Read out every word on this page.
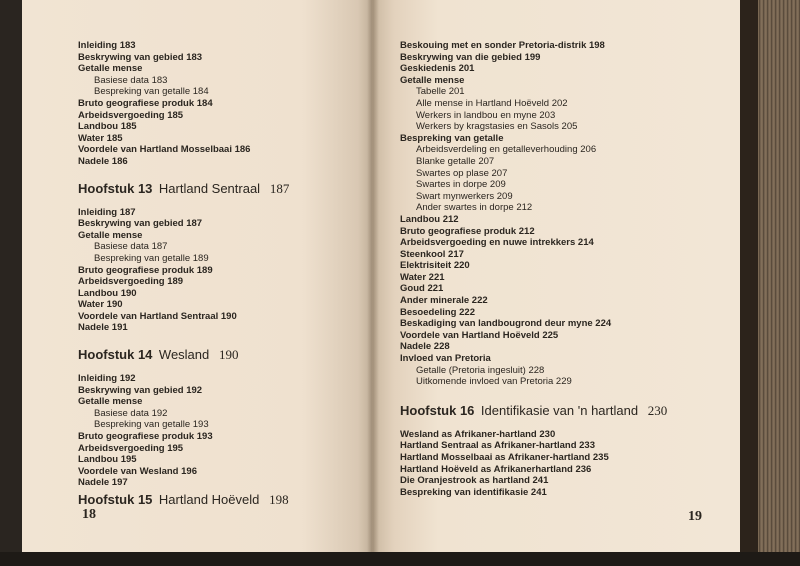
Inleiding 183
Beskrywing van gebied 183
Getalle mense
Basiese data 183
Bespreking van getalle 184
Bruto geografiese produk 184
Arbeidsvergoeding 185
Landbou 185
Water 185
Voordele van Hartland Mosselbaai 186
Nadele 186
Hoofstuk 13 Hartland Sentraal 187
Inleiding 187
Beskrywing van gebied 187
Getalle mense
Basiese data 187
Bespreking van getalle 189
Bruto geografiese produk 189
Arbeidsvergoeding 189
Landbou 190
Water 190
Voordele van Hartland Sentraal 190
Nadele 191
Hoofstuk 14 Wesland 190
Inleiding 192
Beskrywing van gebied 192
Getalle mense
Basiese data 192
Bespreking van getalle 193
Bruto geografiese produk 193
Arbeidsvergoeding 195
Landbou 195
Voordele van Wesland 196
Nadele 197
Hoofstuk 15 Hartland Hoëveld 198
18
Beskouing met en sonder Pretoria-distrik 198
Beskrywing van die gebied 199
Geskiedenis 201
Getalle mense
Tabelle 201
Alle mense in Hartland Hoëveld 202
Werkers in landbou en myne 203
Werkers by kragstasies en Sasols 205
Bespreking van getalle
Arbeidsverdeling en getalleverhouding 206
Blanke getalle 207
Swartes op plase 207
Swartes in dorpe 209
Swart mynwerkers 209
Ander swartes in dorpe 212
Landbou 212
Bruto geografiese produk 212
Arbeidsvergoeding en nuwe intrekkers 214
Steenkool 217
Elektrisiteit 220
Water 221
Goud 221
Ander minerale 222
Besoedeling 222
Beskadiging van landbougrond deur myne 224
Voordele van Hartland Hoëveld 225
Nadele 228
Invloed van Pretoria
Getalle (Pretoria ingesluit) 228
Uitkomende invloed van Pretoria 229
Hoofstuk 16 Identifikasie van 'n hartland 230
Wesland as Afrikaner-hartland 230
Hartland Sentraal as Afrikaner-hartland 233
Hartland Mosselbaai as Afrikaner-hartland 235
Hartland Hoëveld as Afrikanerhartland 236
Die Oranjestrook as hartland 241
Bespreking van identifikasie 241
19
